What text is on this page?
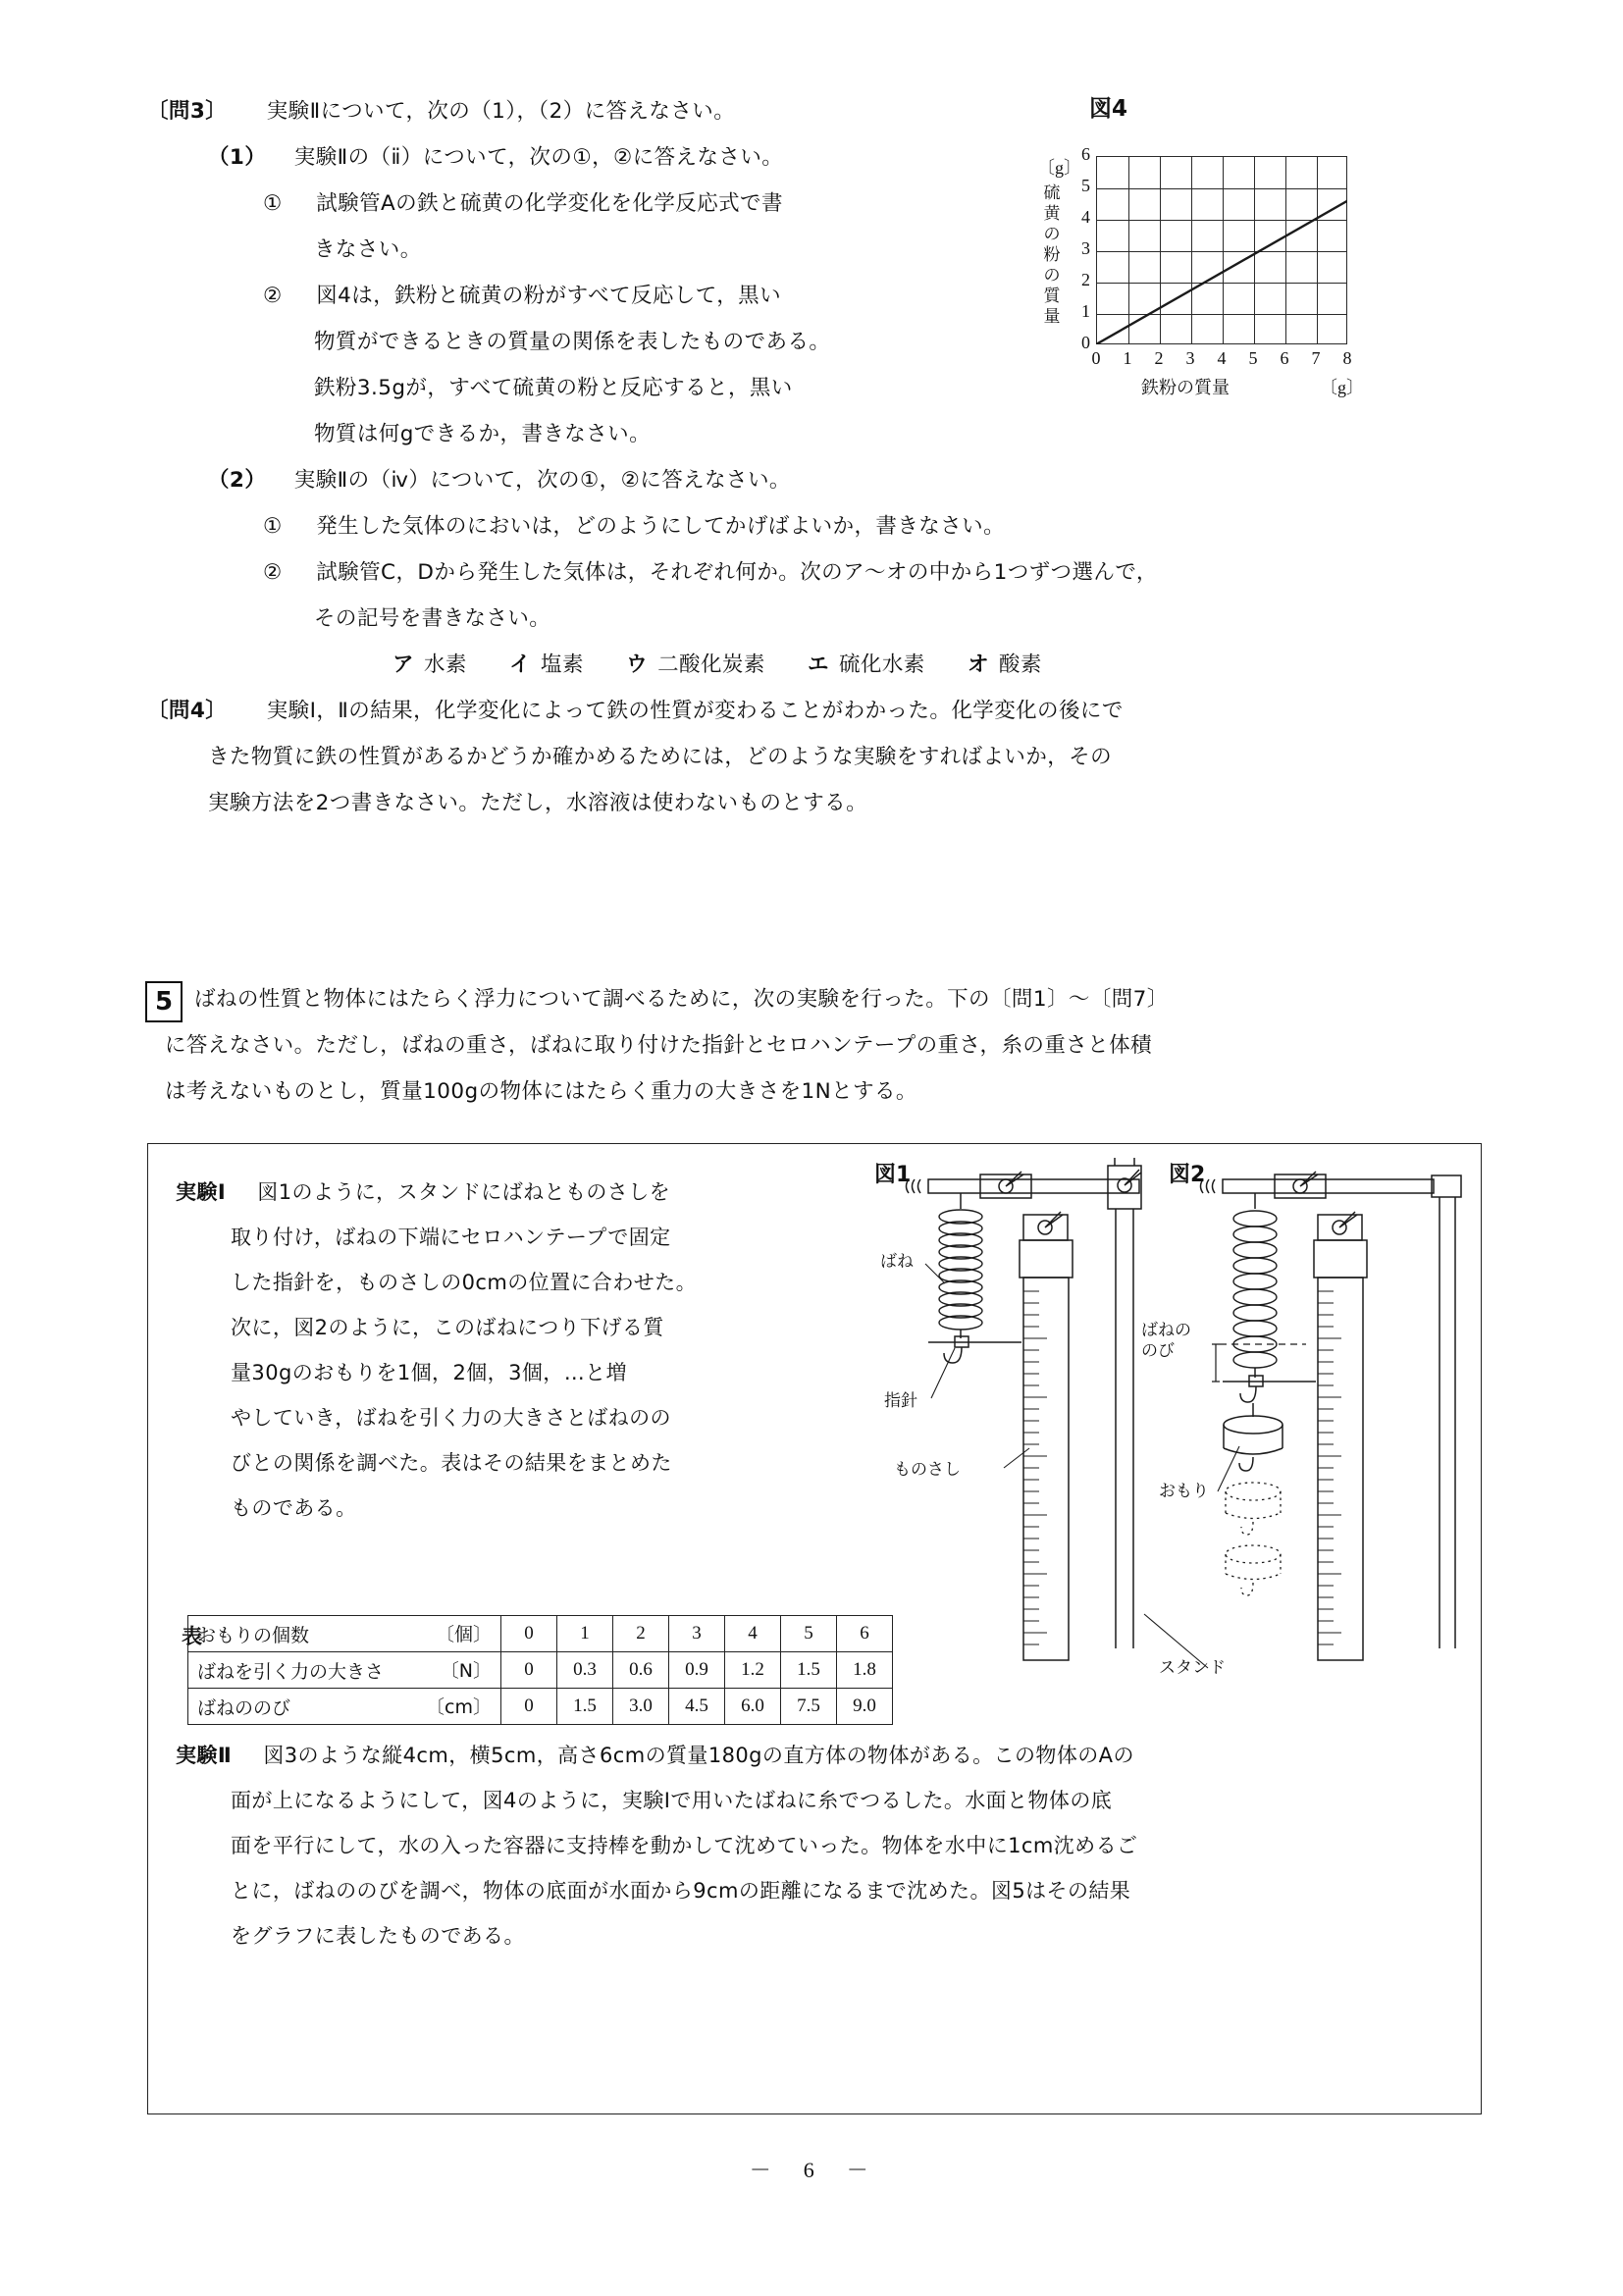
〔問3〕 実験Ⅱについて，次の（1），（2）に答えなさい。
（1） 実験Ⅱの（ⅱ）について，次の①，②に答えなさい。
① 試験管Aの鉄と硫黄の化学変化を化学反応式で書
きなさい。
② 図4は，鉄粉と硫黄の粉がすべて反応して，黒い
物質ができるときの質量の関係を表したものである。
鉄粉3.5gが，すべて硫黄の粉と反応すると，黒い
物質は何gできるか，書きなさい。
（2） 実験Ⅱの（ⅳ）について，次の①，②に答えなさい。
① 発生した気体のにおいは，どのようにしてかげばよいか，書きなさい。
② 試験管C，Dから発生した気体は，それぞれ何か。次のア～オの中から1つずつ選んで，
その記号を書きなさい。
ア 水素 イ 塩素 ウ 二酸化炭素 エ 硫化水素 オ 酸素
〔問4〕 実験Ⅰ，Ⅱの結果，化学変化によって鉄の性質が変わることがわかった。化学変化の後にで
きた物質に鉄の性質があるかどうか確かめるためには，どのような実験をすればよいか，その
実験方法を2つ書きなさい。ただし，水溶液は使わないものとする。
図4
〔g〕
硫
黄
の
粉
の
質
量
6
5
4
3
2
1
0
0	1	2	3	4	5	6	7	8
鉄粉の質量	〔g〕
5	ばねの性質と物体にはたらく浮力について調べるために，次の実験を行った。下の〔問1〕～〔問7〕
に答えなさい。ただし，ばねの重さ，ばねに取り付けた指針とセロハンテープの重さ，糸の重さと体積
は考えないものとし，質量100gの物体にはたらく重力の大きさを1Nとする。
実験Ⅰ 図1のように，スタンドにばねとものさしを
取り付け，ばねの下端にセロハンテープで固定
した指針を，ものさしの0cmの位置に合わせた。
次に，図2のように，このばねにつり下げる質
量30gのおもりを1個，2個，3個，…と増
やしていき，ばねを引く力の大きさとばねのの
びとの関係を調べた。表はその結果をまとめた
ものである。
表
おもりの個数 〔個〕	0	1	2	3	4	5	6
ばねを引く力の大きさ 〔N〕	0	0.3	0.6	0.9	1.2	1.5	1.8
ばねののび 〔cm〕	0	1.5	3.0	4.5	6.0	7.5	9.0
実験Ⅱ 図3のような縦4cm，横5cm，高さ6cmの質量180gの直方体の物体がある。この物体のAの
面が上になるようにして，図4のように，実験Ⅰで用いたばねに糸でつるした。水面と物体の底
面を平行にして，水の入った容器に支持棒を動かして沈めていった。物体を水中に1cm沈めるご
とに，ばねののびを調べ，物体の底面が水面から9cmの距離になるまで沈めた。図5はその結果
をグラフに表したものである。
図1	図2
ばね
指針
ものさし
ばねの
のび
おもり
スタンド
－　6　－
